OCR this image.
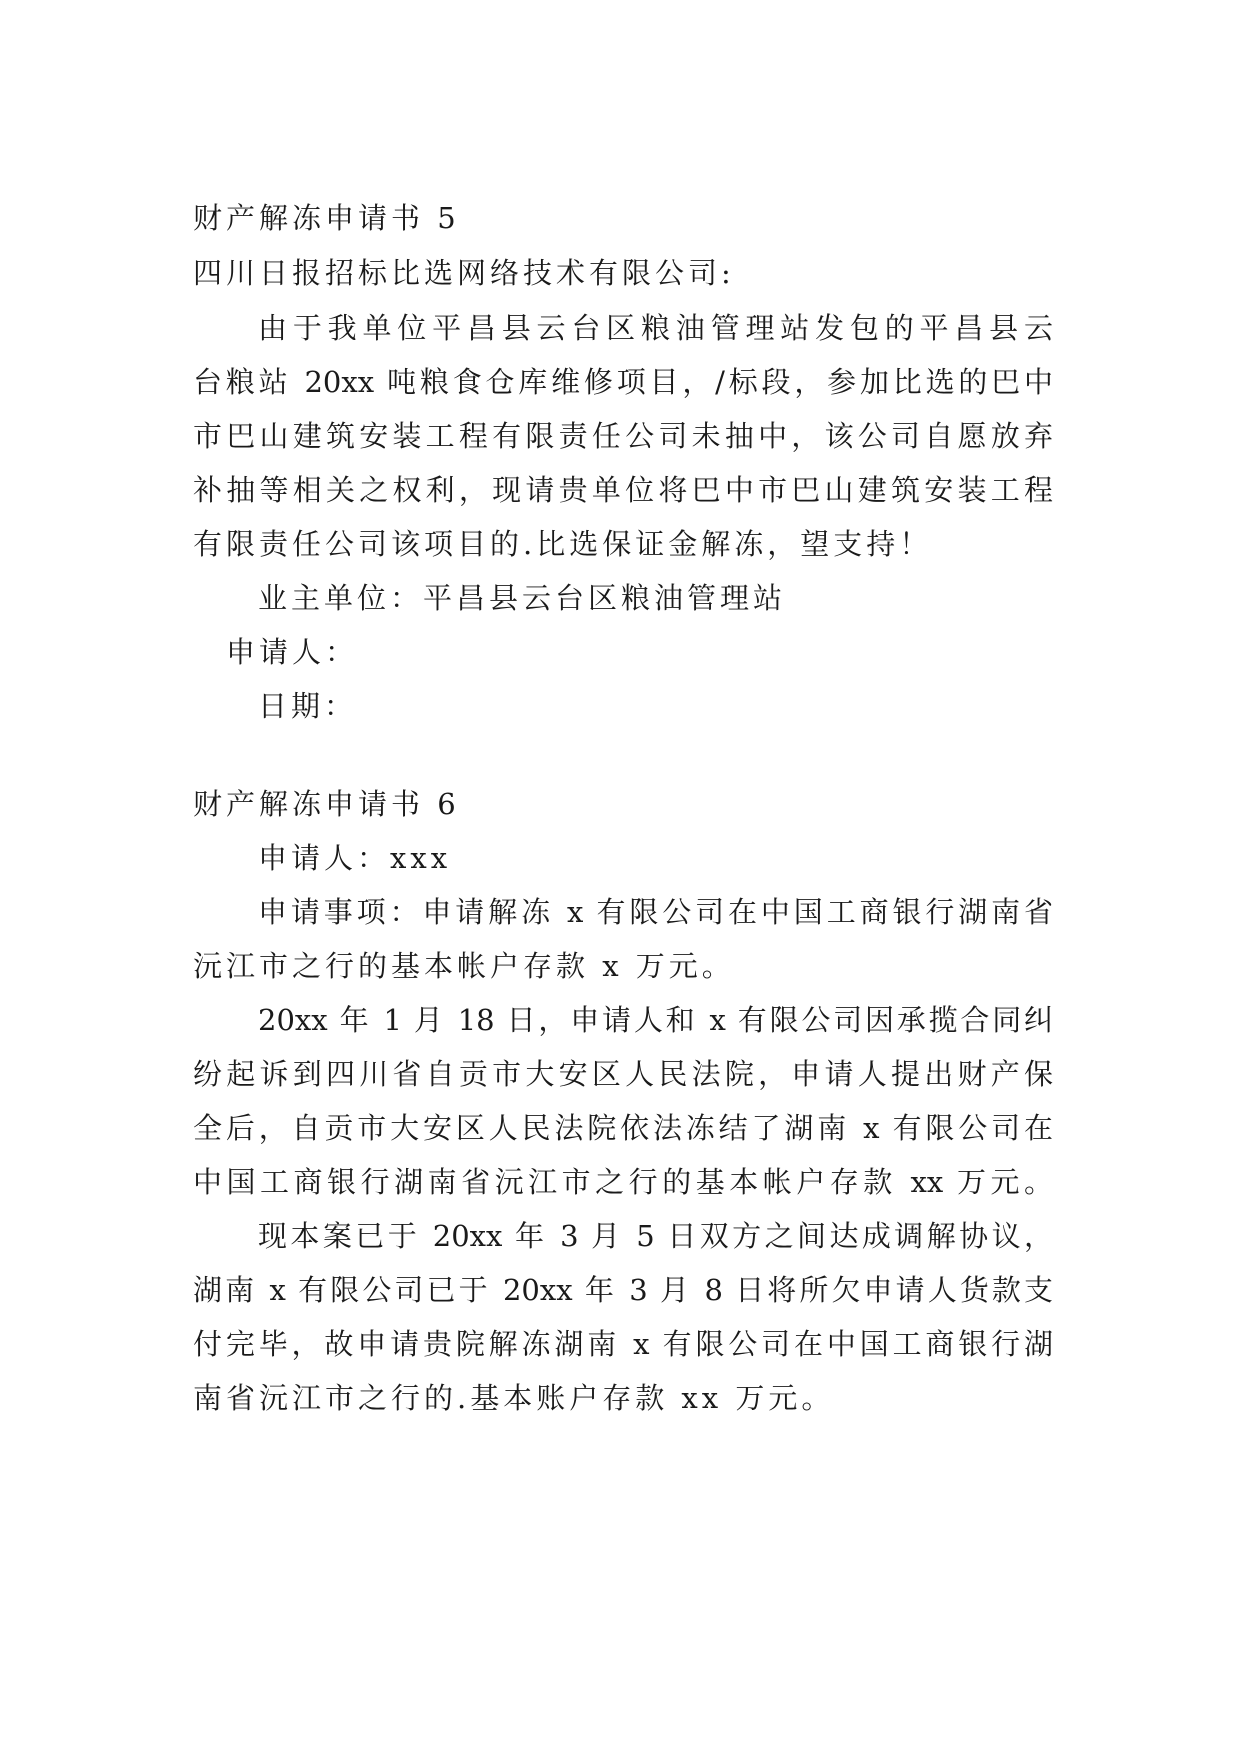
财产解冻申请书 5
四川日报招标比选网络技术有限公司:
由于我单位平昌县云台区粮油管理站发包的平昌县云
台粮站 20xx 吨粮食仓库维修项目，/标段，参加比选的巴中
市巴山建筑安装工程有限责任公司未抽中，该公司自愿放弃
补抽等相关之权利，现请贵单位将巴中市巴山建筑安装工程
有限责任公司该项目的.比选保证金解冻，望支持！
业主单位：平昌县云台区粮油管理站
申请人：
日期：
财产解冻申请书 6
申请人：xxx
申请事项：申请解冻 x 有限公司在中国工商银行湖南省
沅江市之行的基本帐户存款 x 万元。
20xx 年 1 月 18 日，申请人和 x 有限公司因承揽合同纠
纷起诉到四川省自贡市大安区人民法院，申请人提出财产保
全后，自贡市大安区人民法院依法冻结了湖南 x 有限公司在
中国工商银行湖南省沅江市之行的基本帐户存款 xx 万元。
现本案已于 20xx 年 3 月 5 日双方之间达成调解协议，
湖南 x 有限公司已于 20xx 年 3 月 8 日将所欠申请人货款支
付完毕，故申请贵院解冻湖南 x 有限公司在中国工商银行湖
南省沅江市之行的.基本账户存款 xx 万元。
